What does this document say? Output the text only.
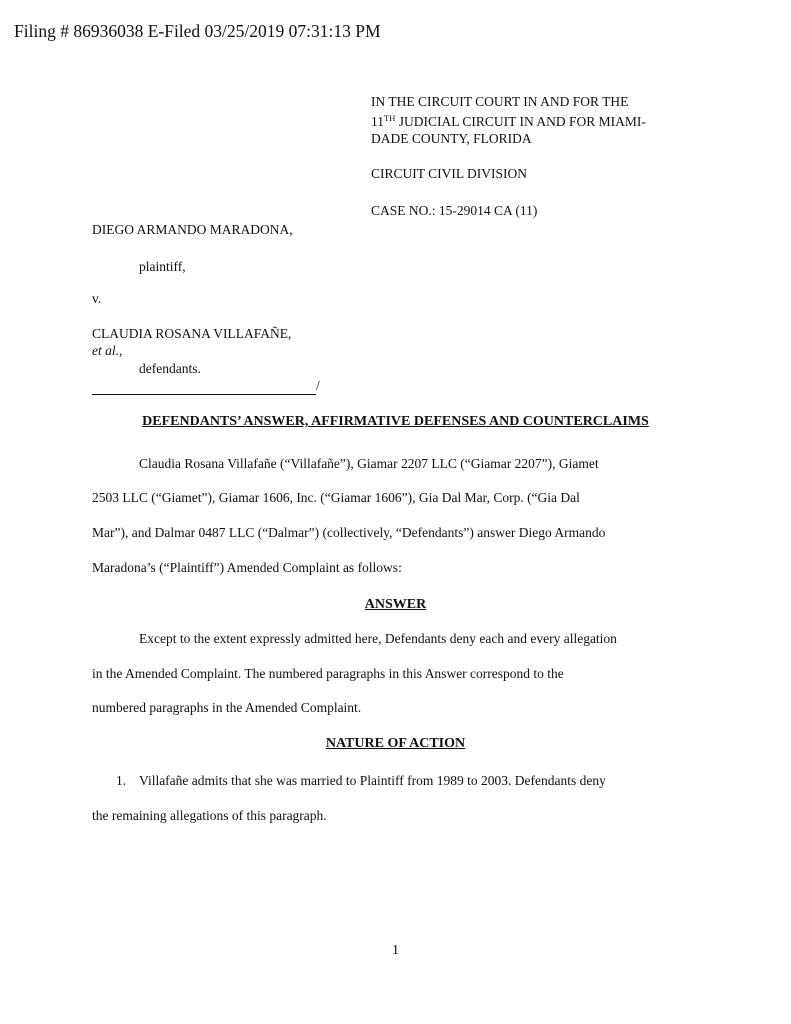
Filing # 86936038 E-Filed 03/25/2019 07:31:13 PM
IN THE CIRCUIT COURT IN AND FOR THE
11TH JUDICIAL CIRCUIT IN AND FOR MIAMI-
DADE COUNTY, FLORIDA
CIRCUIT CIVIL DIVISION
CASE NO.: 15-29014 CA (11)
DIEGO ARMANDO MARADONA,
plaintiff,
v.
CLAUDIA ROSANA VILLAFAÑE,
et al.,
defendants.
/
DEFENDANTS’ ANSWER, AFFIRMATIVE DEFENSES AND COUNTERCLAIMS
Claudia Rosana Villafañe (“Villafañe”), Giamar 2207 LLC (“Giamar 2207”), Giamet
2503 LLC (“Giamet”), Giamar 1606, Inc. (“Giamar 1606”), Gia Dal Mar, Corp. (“Gia Dal
Mar”), and Dalmar 0487 LLC (“Dalmar”) (collectively, “Defendants”) answer Diego Armando
Maradona’s (“Plaintiff”) Amended Complaint as follows:
ANSWER
Except to the extent expressly admitted here, Defendants deny each and every allegation
in the Amended Complaint. The numbered paragraphs in this Answer correspond to the
numbered paragraphs in the Amended Complaint.
NATURE OF ACTION
1. Villafañe admits that she was married to Plaintiff from 1989 to 2003. Defendants deny
the remaining allegations of this paragraph.
1
